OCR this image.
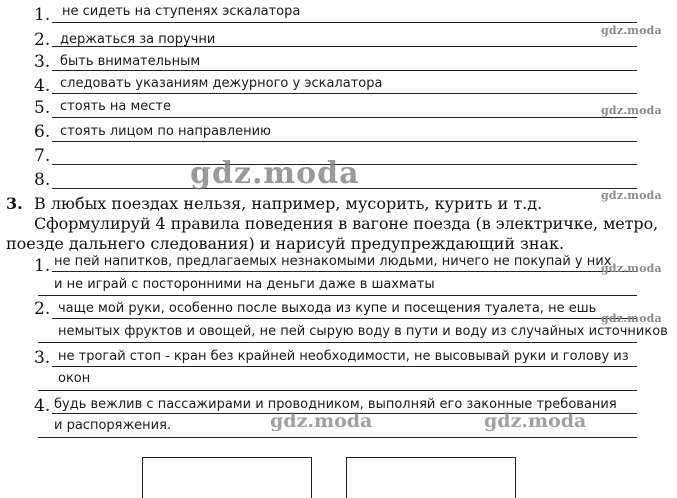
1.
2.
3.
4.
5.
6.
7.
8.
не сидеть на ступенях эскалатора
держаться за поручни
быть внимательным
следовать указаниям дежурного у эскалатора
стоять на месте
стоять лицом по направлению
3. В любых поездах нельзя, например, мусорить, курить и т.д.
Сформулируй 4 правила поведения в вагоне поезда (в электричке, метро,
поезде дальнего следования) и нарисуй предупреждающий знак.
1.
2.
3.
4.
не пей напитков, предлагаемых незнакомыми людьми, ничего не покупай у них
и не играй с посторонними на деньги даже в шахматы
чаще мой руки, особенно после выхода из купе и посещения туалета, не ешь
немытых фруктов и овощей, не пей сырую воду в пути и воду из случайных источников
не трогай стоп - кран без крайней необходимости, не высовывай руки и голову из
окон
будь вежлив с пассажирами и проводником, выполняй его законные требования
и распоряжения.
gdz.moda
gdz.moda
gdz.moda
gdz.moda
gdz.moda
gdz.moda
gdz.moda	gdz.moda
